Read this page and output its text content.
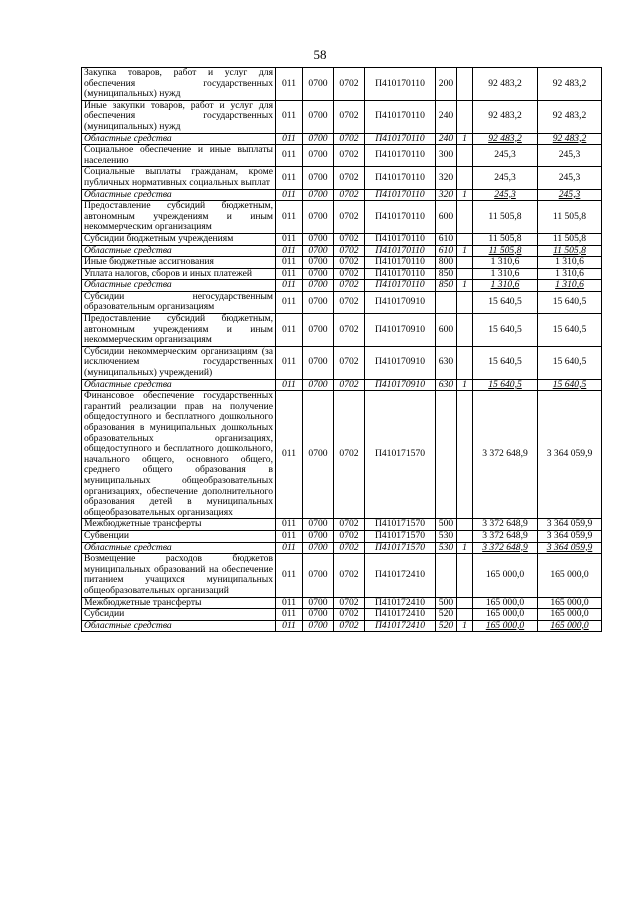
58
Закупка товаров, работ и услуг для обеспечения государственных (муниципальных) нужд	011	0700	0702	П410170110	200		92 483,2	92 483,2
Иные закупки товаров, работ и услуг для обеспечения государственных (муниципальных) нужд	011	0700	0702	П410170110	240		92 483,2	92 483,2
Областные средства	011	0700	0702	П410170110	240	1	92 483,2	92 483,2
Социальное обеспечение и иные выплаты населению	011	0700	0702	П410170110	300		245,3	245,3
Социальные выплаты гражданам, кроме публичных нормативных социальных выплат	011	0700	0702	П410170110	320		245,3	245,3
Областные средства	011	0700	0702	П410170110	320	1	245,3	245,3
Предоставление субсидий бюджетным, автономным учреждениям и иным некоммерческим организациям	011	0700	0702	П410170110	600		11 505,8	11 505,8
Субсидии бюджетным учреждениям	011	0700	0702	П410170110	610		11 505,8	11 505,8
Областные средства	011	0700	0702	П410170110	610	1	11 505,8	11 505,8
Иные бюджетные ассигнования	011	0700	0702	П410170110	800		1 310,6	1 310,6
Уплата налогов, сборов и иных платежей	011	0700	0702	П410170110	850		1 310,6	1 310,6
Областные средства	011	0700	0702	П410170110	850	1	1 310,6	1 310,6
Субсидии негосударственным образовательным организациям	011	0700	0702	П410170910			15 640,5	15 640,5
Предоставление субсидий бюджетным, автономным учреждениям и иным некоммерческим организациям	011	0700	0702	П410170910	600		15 640,5	15 640,5
Субсидии некоммерческим организациям (за исключением государственных (муниципальных) учреждений)	011	0700	0702	П410170910	630		15 640,5	15 640,5
Областные средства	011	0700	0702	П410170910	630	1	15 640,5	15 640,5
Финансовое обеспечение государственных гарантий реализации прав на получение общедоступного и бесплатного дошкольного образования в муниципальных дошкольных образовательных организациях, общедоступного и бесплатного дошкольного, начального общего, основного общего, среднего общего образования в муниципальных общеобразовательных организациях, обеспечение дополнительного образования детей в муниципальных общеобразовательных организациях	011	0700	0702	П410171570			3 372 648,9	3 364 059,9
Межбюджетные трансферты	011	0700	0702	П410171570	500		3 372 648,9	3 364 059,9
Субвенции	011	0700	0702	П410171570	530		3 372 648,9	3 364 059,9
Областные средства	011	0700	0702	П410171570	530	1	3 372 648,9	3 364 059,9
Возмещение расходов бюджетов муниципальных образований на обеспечение питанием учащихся муниципальных общеобразовательных организаций	011	0700	0702	П410172410			165 000,0	165 000,0
Межбюджетные трансферты	011	0700	0702	П410172410	500		165 000,0	165 000,0
Субсидии	011	0700	0702	П410172410	520		165 000,0	165 000,0
Областные средства	011	0700	0702	П410172410	520	1	165 000,0	165 000,0
